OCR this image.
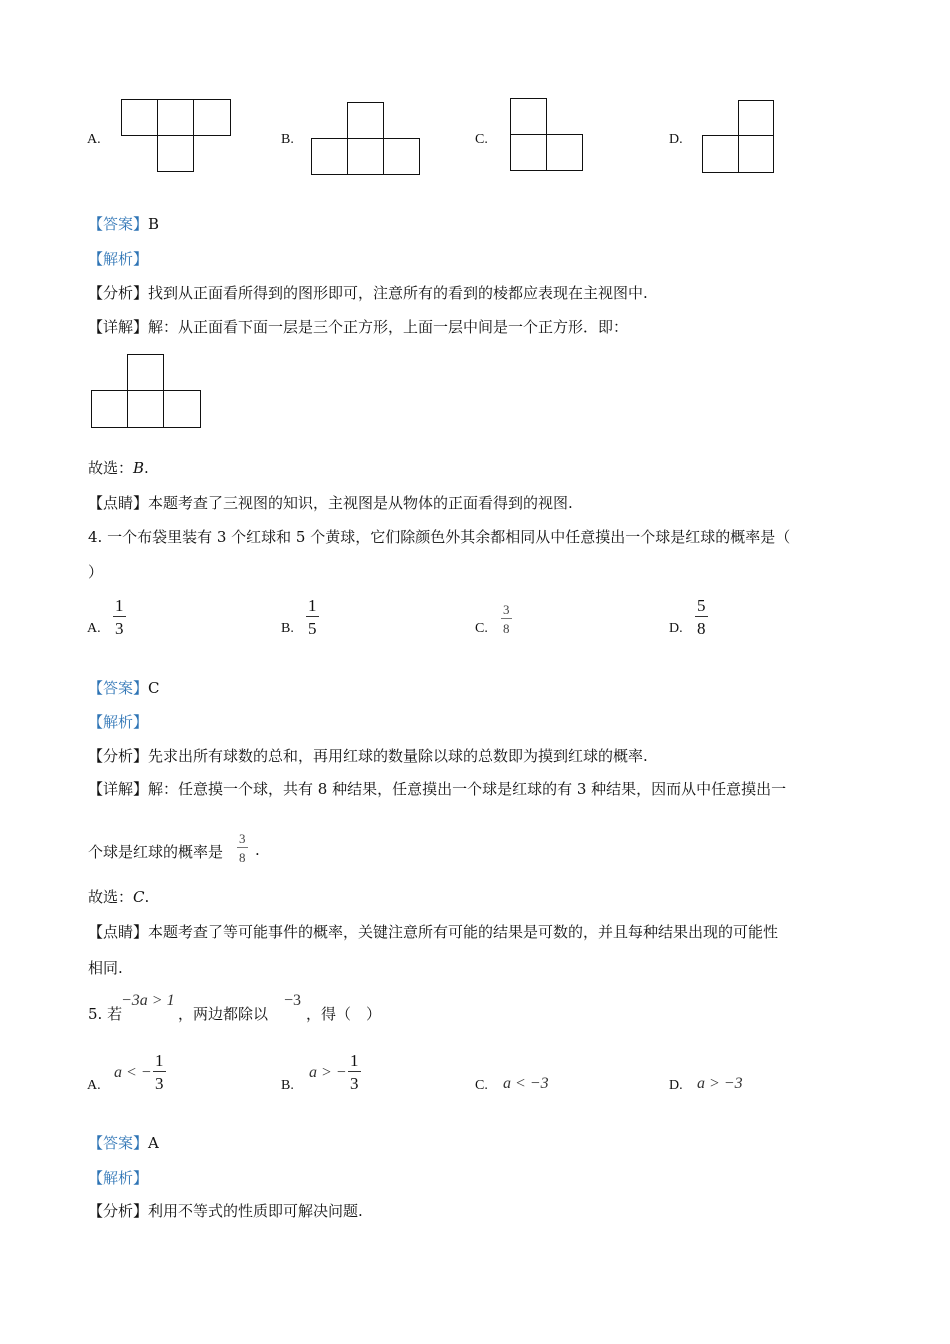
A.	B.	C.	D.
【答案】B
【解析】
【分析】找到从正面看所得到的图形即可，注意所有的看到的棱都应表现在主视图中.
【详解】解：从正面看下面一层是三个正方形，上面一层中间是一个正方形．即：
故选：B.
【点睛】本题考查了三视图的知识，主视图是从物体的正面看得到的视图.
4. 一个布袋里装有 3 个红球和 5 个黄球，它们除颜色外其余都相同从中任意摸出一个球是红球的概率是（
）
A.
1
3	B.
1
5	C.
3
8	D.
5
8
【答案】C
【解析】
【分析】先求出所有球数的总和，再用红球的数量除以球的总数即为摸到红球的概率.
【详解】解：任意摸一个球，共有 8 种结果，任意摸出一个球是红球的有 3 种结果，因而从中任意摸出一
个球是红球的概率是
3
8 .
故选：C.
【点睛】本题考查了等可能事件的概率，关键注意所有可能的结果是可数的，并且每种结果出现的可能性
相同.
5. 若
−3a > 1
，两边都除以
−3
，得（　）
A.
a < −
1
3	B.
a > −
1
3	C. a < −3	D. a > −3
【答案】A
【解析】
【分析】利用不等式的性质即可解决问题.
